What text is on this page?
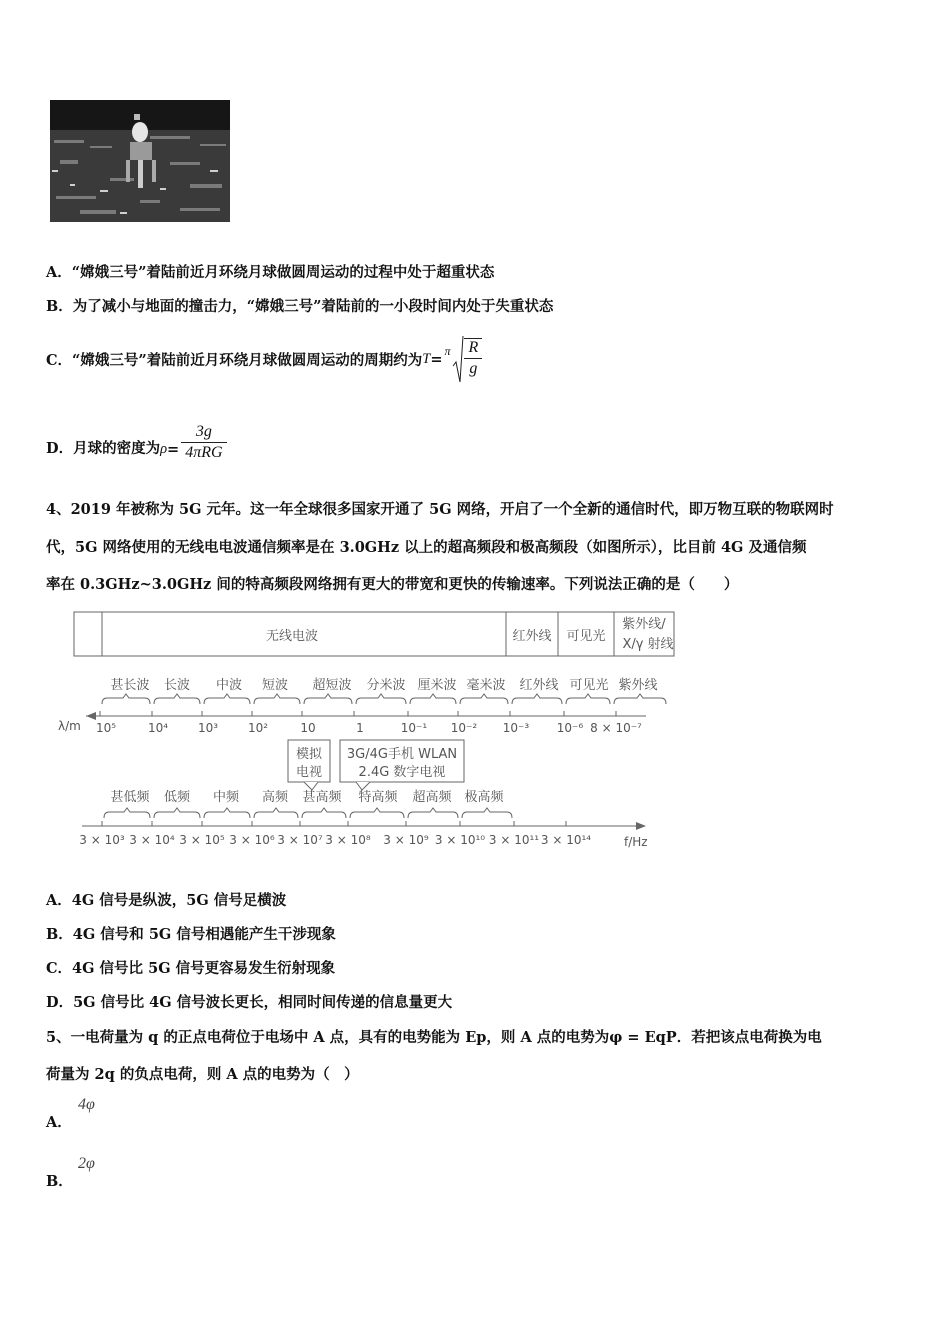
A．“嫦娥三号”着陆前近月环绕月球做圆周运动的过程中处于超重状态
B．为了减小与地面的撞击力，“嫦娥三号”着陆前的一小段时间内处于失重状态
C．“嫦娥三号”着陆前近月环绕月球做圆周运动的周期约为 T = π $\frac{R}{g}$
D．月球的密度为 $\rho = \frac{3g}{\text{4πRG}}$
4、2019 年被称为 5G 元年。这一年全球很多国家开通了 5G 网络，开启了一个全新的通信时代，即万物互联的物联网时
代，5G 网络使用的无线电电波通信频率是在 3.0GHz 以上的超高频段和极高频段（如图所示），比目前 4G 及通信频
率在 0.3GHz~3.0GHz 间的特高频段网络拥有更大的带宽和更快的传输速率。下列说法正确的是（　　）
无线电波	红外线 可见光
紫外线/
X/γ 射线
甚长波 长波 中波 短波 超短波 分米波 厘米波 毫米波 红外线 可见光 紫外线
λ/m 10⁵	10⁴ 10³ 10²	10	1	10⁻¹ 10⁻² 10⁻³ 10⁻⁶ 8 × 10⁻⁷
模拟
电视
3G/4G手机 WLAN
2.4G 数字电视
甚低频 低频 中频 高频 甚高频 特高频 超高频 极高频
f/Hz
3 × 10³ 3 × 10⁴ 3 × 10⁵ 3 × 10⁶ 3 × 10⁷ 3 × 10⁸ 3 × 10⁹ 3 × 10¹⁰ 3 × 10¹¹ 3 × 10¹⁴
A．4G 信号是纵波，5G 信号足横波
B．4G 信号和 5G 信号相遇能产生干涉现象
C．4G 信号比 5G 信号更容易发生衍射现象
D．5G 信号比 4G 信号波长更长，相同时间传递的信息量更大
5、一电荷量为 q 的正点电荷位于电场中 A 点，具有的电势能为 Ep，则 A 点的电势为φ = EqP．若把该点电荷换为电
荷量为 2q 的负点电荷，则 A 点的电势为（　）
A．
4φ
B．
2φ
